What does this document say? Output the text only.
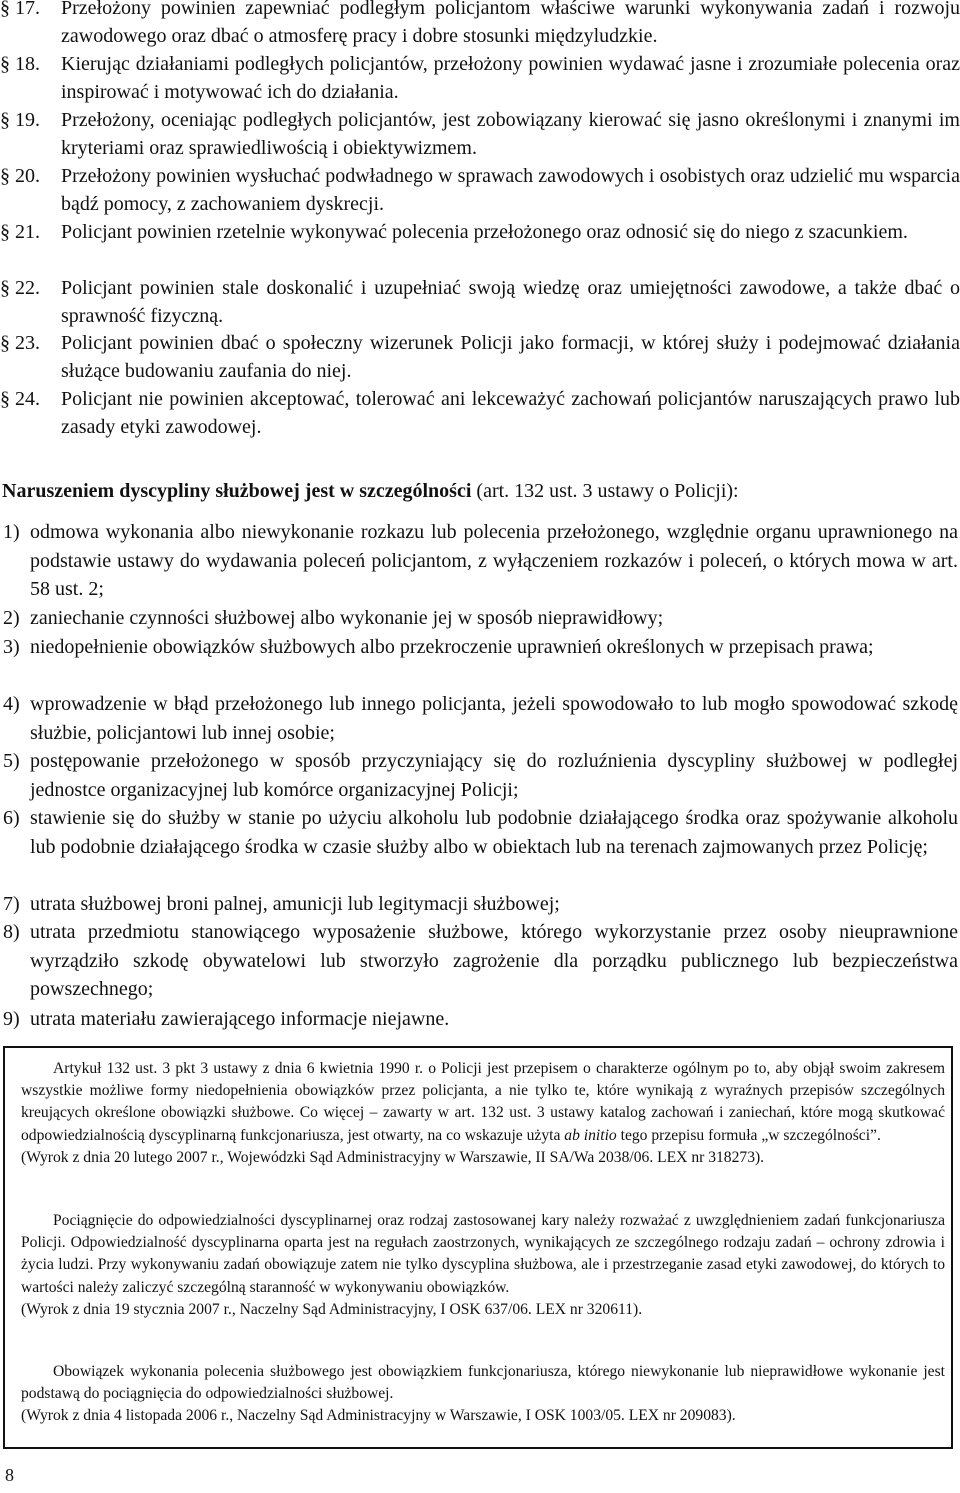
§ 17.	Przełożony powinien zapewniać podległym policjantom właściwe warunki wykonywania zadań i rozwoju zawodowego oraz dbać o atmosferę pracy i dobre stosunki międzyludzkie.
§ 18.	Kierując działaniami podległych policjantów, przełożony powinien wydawać jasne i zrozumiałe polecenia oraz inspirować i motywować ich do działania.
§ 19.	Przełożony, oceniając podległych policjantów, jest zobowiązany kierować się jasno określonymi i znanymi im kryteriami oraz sprawiedliwością i obiektywizmem.
§ 20.	Przełożony powinien wysłuchać podwładnego w sprawach zawodowych i osobistych oraz udzielić mu wsparcia bądź pomocy, z zachowaniem dyskrecji.
§ 21.	Policjant powinien rzetelnie wykonywać polecenia przełożonego oraz odnosić się do niego z szacunkiem.
§ 22.	Policjant powinien stale doskonalić i uzupełniać swoją wiedzę oraz umiejętności zawodowe, a także dbać o sprawność fizyczną.
§ 23.	Policjant powinien dbać o społeczny wizerunek Policji jako formacji, w której służy i podejmować działania służące budowaniu zaufania do niej.
§ 24.	Policjant nie powinien akceptować, tolerować ani lekceważyć zachowań policjantów naruszających prawo lub zasady etyki zawodowej.
Naruszeniem dyscypliny służbowej jest w szczególności (art. 132 ust. 3 ustawy o Policji):
1) odmowa wykonania albo niewykonanie rozkazu lub polecenia przełożonego, względnie organu uprawnionego na podstawie ustawy do wydawania poleceń policjantom, z wyłączeniem rozkazów i poleceń, o których mowa w art. 58 ust. 2;
2) zaniechanie czynności służbowej albo wykonanie jej w sposób nieprawidłowy;
3) niedopełnienie obowiązków służbowych albo przekroczenie uprawnień określonych w przepisach prawa;
4) wprowadzenie w błąd przełożonego lub innego policjanta, jeżeli spowodowało to lub mogło spowodować szkodę służbie, policjantowi lub innej osobie;
5) postępowanie przełożonego w sposób przyczyniający się do rozluźnienia dyscypliny służbowej w podległej jednostce organizacyjnej lub komórce organizacyjnej Policji;
6) stawienie się do służby w stanie po użyciu alkoholu lub podobnie działającego środka oraz spożywanie alkoholu lub podobnie działającego środka w czasie służby albo w obiektach lub na terenach zajmowanych przez Policję;
7) utrata służbowej broni palnej, amunicji lub legitymacji służbowej;
8) utrata przedmiotu stanowiącego wyposażenie służbowe, którego wykorzystanie przez osoby nieuprawnione wyrządziło szkodę obywatelowi lub stworzyło zagrożenie dla porządku publicznego lub bezpieczeństwa powszechnego;
9) utrata materiału zawierającego informacje niejawne.
Artykuł 132 ust. 3 pkt 3 ustawy z dnia 6 kwietnia 1990 r. o Policji jest przepisem o charakterze ogólnym po to, aby objął swoim zakresem wszystkie możliwe formy niedopełnienia obowiązków przez policjanta, a nie tylko te, które wynikają z wyraźnych przepisów szczególnych kreujących określone obowiązki służbowe. Co więcej – zawarty w art. 132 ust. 3 ustawy katalog zachowań i zaniechań, które mogą skutkować odpowiedzialnością dyscyplinarną funkcjonariusza, jest otwarty, na co wskazuje użyta ab initio tego przepisu formuła „w szczególności”.
(Wyrok z dnia 20 lutego 2007 r., Wojewódzki Sąd Administracyjny w Warszawie, II SA/Wa 2038/06. LEX nr 318273).
Pociągnięcie do odpowiedzialności dyscyplinarnej oraz rodzaj zastosowanej kary należy rozważać z uwzględnieniem zadań funkcjonariusza Policji. Odpowiedzialność dyscyplinarna oparta jest na regułach zaostrzonych, wynikających ze szczególnego rodzaju zadań – ochrony zdrowia i życia ludzi. Przy wykonywaniu zadań obowiązuje zatem nie tylko dyscyplina służbowa, ale i przestrzeganie zasad etyki zawodowej, do których to wartości należy zaliczyć szczególną staranność w wykonywaniu obowiązków.
(Wyrok z dnia 19 stycznia 2007 r., Naczelny Sąd Administracyjny, I OSK 637/06. LEX nr 320611).
Obowiązek wykonania polecenia służbowego jest obowiązkiem funkcjonariusza, którego niewykonanie lub nieprawidłowe wykonanie jest podstawą do pociągnięcia do odpowiedzialności służbowej.
(Wyrok z dnia 4 listopada 2006 r., Naczelny Sąd Administracyjny w Warszawie, I OSK 1003/05. LEX nr 209083).
8
